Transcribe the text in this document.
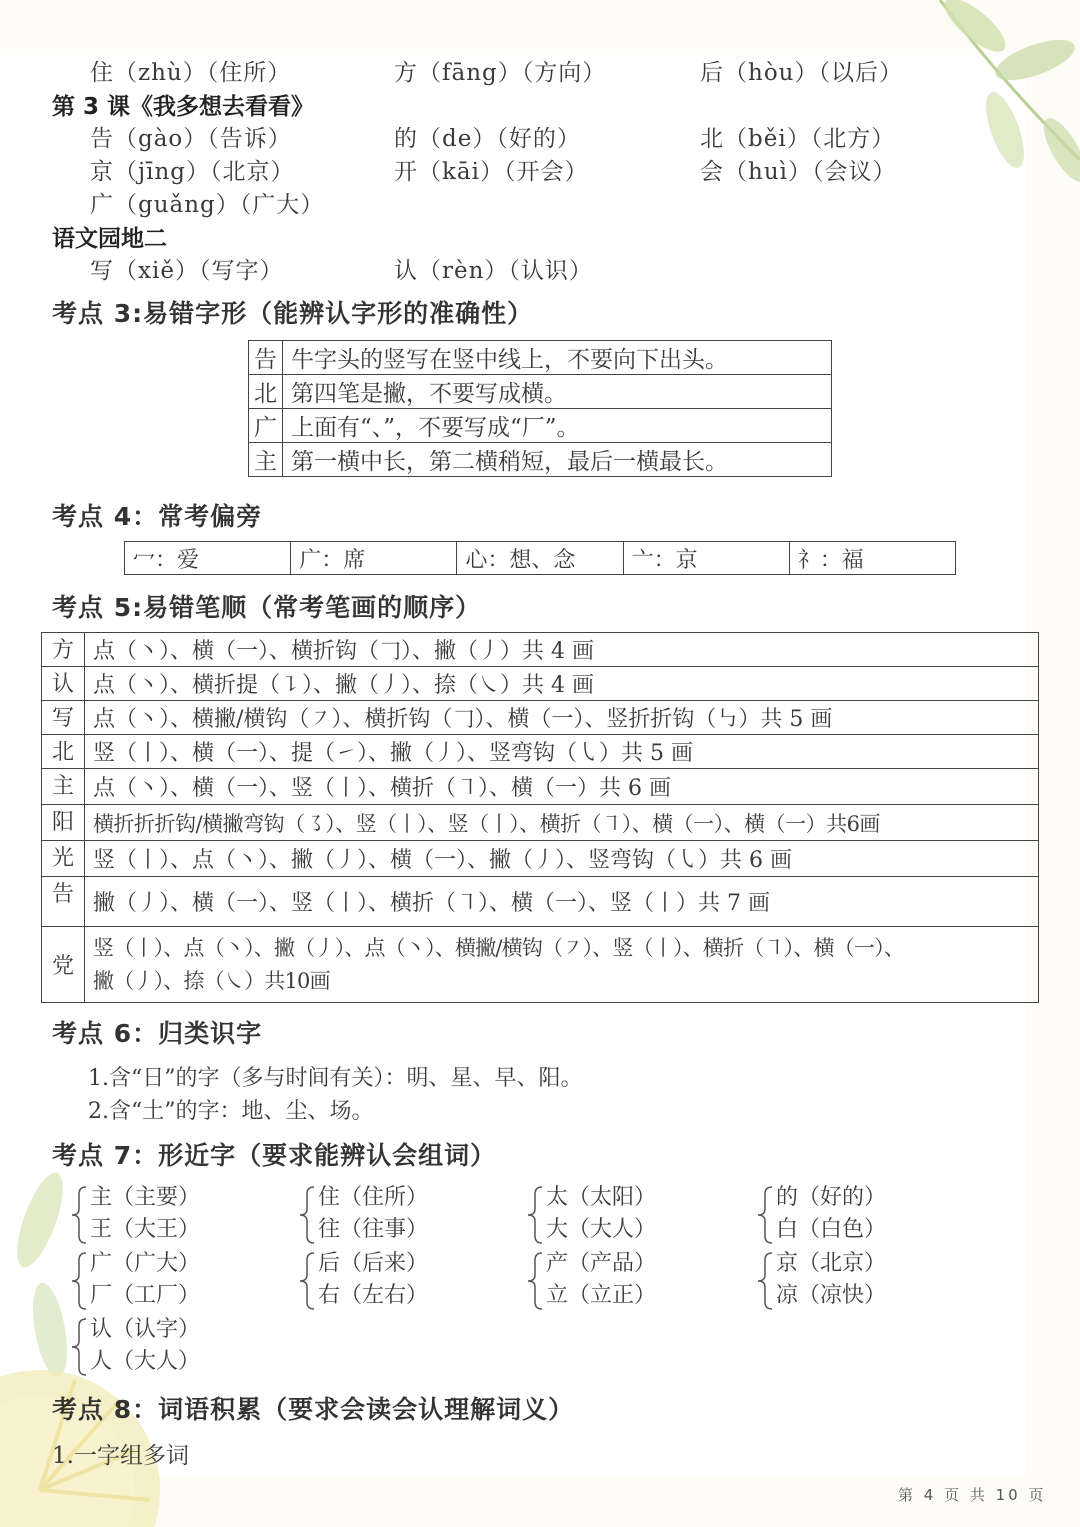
住（zhù）（住所）	方（fāng）（方向）	后（hòu）（以后）
第 3 课《我多想去看看》
告（gào）（告诉）	的（de）（好的）	北（běi）（北方）
京（jīng）（北京）	开（kāi）（开会）	会（huì）（会议）
广（guǎng）（广大）
语文园地二
写（xiě）（写字）	认（rèn）（认识）
考点 3:易错字形（能辨认字形的准确性）
告	牛字头的竖写在竖中线上，不要向下出头。
北	第四笔是撇，不要写成横。
广	上面有“、”，不要写成“厂”。
主	第一横中长，第二横稍短，最后一横最长。
考点 4：常考偏旁
冖：爱	广：席	心：想、念	亠：京	礻：福
考点 5:易错笔顺（常考笔画的顺序）
方	点（丶）、横（一）、横折钩（𠃌）、撇（丿）共 4 画
认	点（丶）、横折提（㇊）、撇（丿）、捺（㇏）共 4 画
写	点（丶）、横撇/横钩（㇇）、横折钩（𠃌）、横（一）、竖折折钩（㇉）共 5 画
北	竖（丨）、横（一）、提（㇀）、撇（丿）、竖弯钩（㇂）共 5 画
主	点（丶）、横（一）、竖（丨）、横折（㇕）、横（一）共 6 画
阳	横折折折钩/横撇弯钩（㇌）、竖（丨）、竖（丨）、横折（㇕）、横（一）、横（一）共6画
光	竖（丨）、点（丶）、撇（丿）、横（一）、撇（丿）、竖弯钩（㇂）共 6 画
告	撇（丿）、横（一）、竖（丨）、横折（㇕）、横（一）、竖（丨）共 7 画
党	竖（丨）、点（丶）、撇（丿）、点（丶）、横撇/横钩（㇇）、竖（丨）、横折（㇕）、横（一）、
撇（丿）、捺（㇏）共10画
考点 6：归类识字
1.含“日”的字（多与时间有关）：明、星、早、阳。
2.含“土”的字：地、尘、场。
考点 7：形近字（要求能辨认会组词）
主（主要）
王（大王）
住（住所）
往（往事）
太（太阳）
大（大人）
的（好的）
白（白色）
广（广大）
厂（工厂）
后（后来）
右（左右）
产（产品）
立（立正）
京（北京）
凉（凉快）
认（认字）
人（大人）
考点 8：词语积累（要求会读会认理解词义）
1.一字组多词
第 4 页 共 10 页
